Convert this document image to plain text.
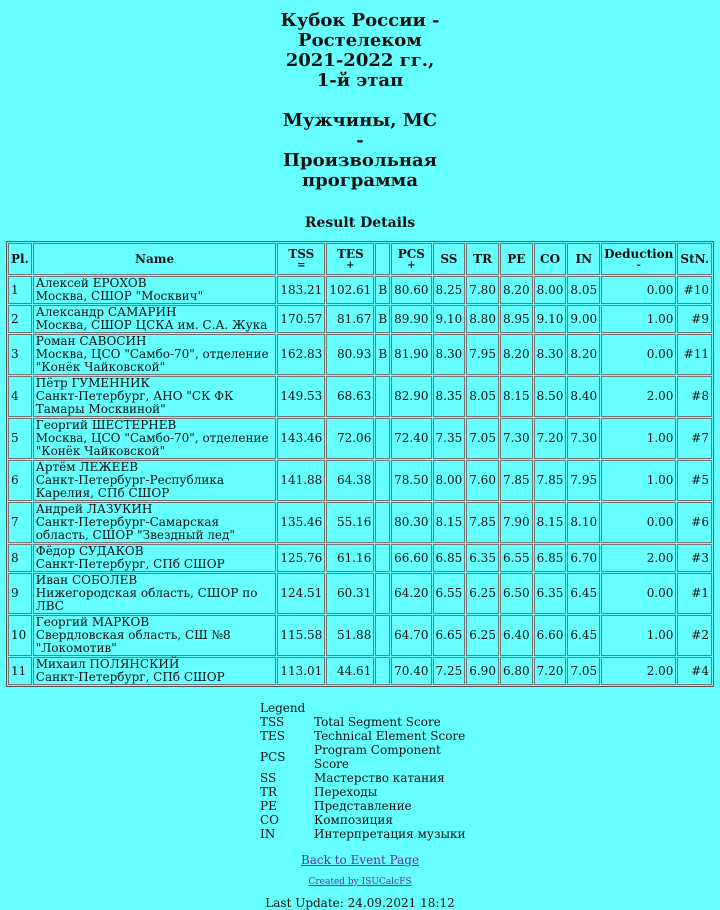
Кубок России -
Ростелеком
2021-2022 гг.,
1-й этап
Мужчины, МС
-
Произвольная
программа
Result Details
Pl.	Name	TSS
=	TES
+		PCS
+	SS	TR	PE	CO	IN	Deduction
-	StN.
1	Алексей ЕРОХОВ
Москва, СШОР "Москвич"	183.21	102.61	B	80.60	8.25	7.80	8.20	8.00	8.05	0.00	#10
2	Александр САМАРИН
Москва, СШОР ЦСКА им. С.А. Жука	170.57	81.67	B	89.90	9.10	8.80	8.95	9.10	9.00	1.00	#9
3	Роман САВОСИН
Москва, ЦСО "Самбо-70", отделение "Конёк Чайковской"	162.83	80.93	B	81.90	8.30	7.95	8.20	8.30	8.20	0.00	#11
4	Пётр ГУМЕННИК
Санкт-Петербург, АНО "СК ФК Тамары Москвиной"	149.53	68.63		82.90	8.35	8.05	8.15	8.50	8.40	2.00	#8
5	Георгий ШЕСТЕРНЕВ
Москва, ЦСО "Самбо-70", отделение "Конёк Чайковской"	143.46	72.06		72.40	7.35	7.05	7.30	7.20	7.30	1.00	#7
6	Артём ЛЕЖЕЕВ
Санкт-Петербург-Республика Карелия, СПб СШОР	141.88	64.38		78.50	8.00	7.60	7.85	7.85	7.95	1.00	#5
7	Андрей ЛАЗУКИН
Санкт-Петербург-Самарская область, СШОР "Звездный лед"	135.46	55.16		80.30	8.15	7.85	7.90	8.15	8.10	0.00	#6
8	Фёдор СУДАКОВ
Санкт-Петербург, СПб СШОР	125.76	61.16		66.60	6.85	6.35	6.55	6.85	6.70	2.00	#3
9	Иван СОБОЛЕВ
Нижегородская область, СШОР по ЛВС	124.51	60.31		64.20	6.55	6.25	6.50	6.35	6.45	0.00	#1
10	Георгий МАРКОВ
Свердловская область, СШ №8 "Локомотив"	115.58	51.88		64.70	6.65	6.25	6.40	6.60	6.45	1.00	#2
11	Михаил ПОЛЯНСКИЙ
Санкт-Петербург, СПб СШОР	113.01	44.61		70.40	7.25	6.90	6.80	7.20	7.05	2.00	#4
Legend	
TSS	Total Segment Score
TES	Technical Element Score
PCS	Program Component Score
SS	Мастерство катания
TR	Переходы
PE	Представление
CO	Композиция
IN	Интерпретация музыки
Back to Event Page
Created by ISUCalcFS
Last Update: 24.09.2021 18:12
